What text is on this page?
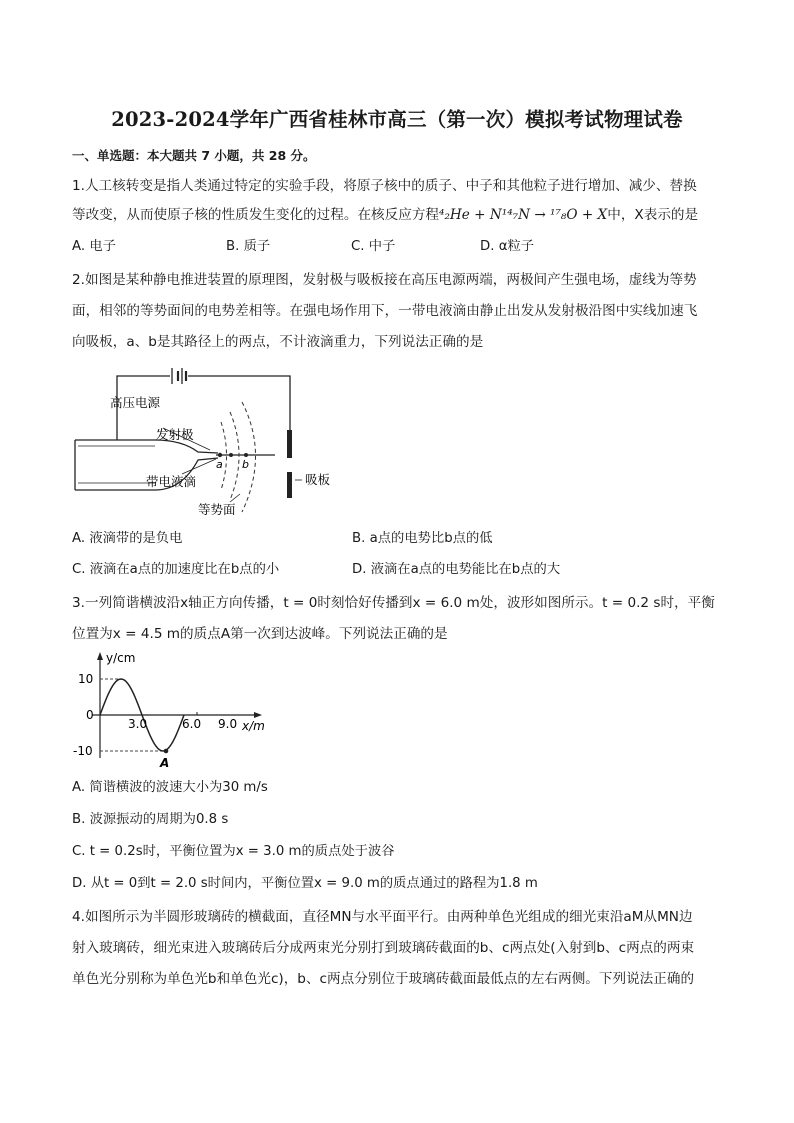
2023-2024学年广西省桂林市高三（第一次）模拟考试物理试卷
一、单选题：本大题共 7 小题，共 28 分。
1.人工核转变是指人类通过特定的实验手段，将原子核中的质子、中子和其他粒子进行增加、减少、替换
等改变，从而使原子核的性质发生变化的过程。在核反应方程⁴₂He + N¹⁴₇N → ¹⁷₈O + X中，X表示的是
A. 电子	B. 质子	C. 中子	D. α粒子
2.如图是某种静电推进装置的原理图，发射极与吸板接在高压电源两端，两极间产生强电场，虚线为等势
面，相邻的等势面间的电势差相等。在强电场作用下，一带电液滴由静止出发从发射极沿图中实线加速飞
向吸板，a、b是其路径上的两点，不计液滴重力，下列说法正确的是
高压电源
发射极
带电液滴
a b
吸板
等势面
A. 液滴带的是负电	B. a点的电势比b点的低
C. 液滴在a点的加速度比在b点的小	D. 液滴在a点的电势能比在b点的大
3.一列简谐横波沿x轴正方向传播，t = 0时刻恰好传播到x = 6.0 m处，波形如图所示。t = 0.2 s时，平衡
位置为x = 4.5 m的质点A第一次到达波峰。下列说法正确的是
y/cm
x/m
10
0
-10
3.0	6.0 9.0
A
A. 简谐横波的波速大小为30 m/s
B. 波源振动的周期为0.8 s
C. t = 0.2s时，平衡位置为x = 3.0 m的质点处于波谷
D. 从t = 0到t = 2.0 s时间内，平衡位置x = 9.0 m的质点通过的路程为1.8 m
4.如图所示为半圆形玻璃砖的横截面，直径MN与水平面平行。由两种单色光组成的细光束沿aM从MN边
射入玻璃砖，细光束进入玻璃砖后分成两束光分别打到玻璃砖截面的b、c两点处(入射到b、c两点的两束
单色光分别称为单色光b和单色光c)，b、c两点分别位于玻璃砖截面最低点的左右两侧。下列说法正确的
